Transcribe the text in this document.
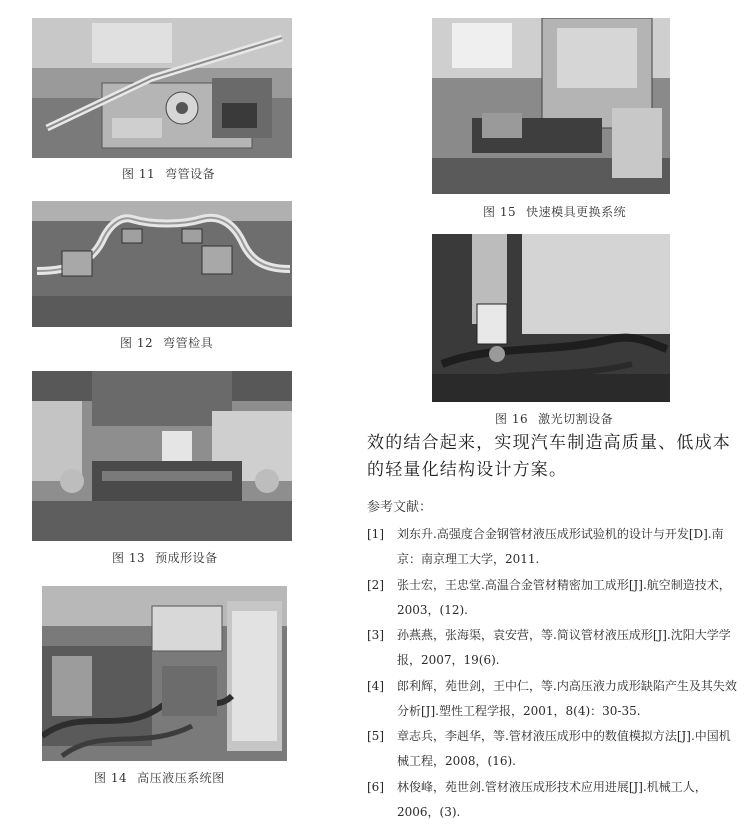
图 11 弯管设备
图 12 弯管检具
图 13 预成形设备
图 14 高压液压系统图
图 15 快速模具更换系统
图 16 激光切割设备

效的结合起来，实现汽车制造高质量、低成本的轻量化结构设计方案。

参考文献：

[1] 刘东升.高强度合金钢管材液压成形试验机的设计与开发[D].南京：南京理工大学，2011.
[2] 张士宏，王忠堂.高温合金管材精密加工成形[J].航空制造技术，2003，(12).
[3] 孙燕燕，张海渠，袁安营，等.简议管材液压成形[J].沈阳大学学报，2007，19(6).
[4] 郎利辉，苑世剑，王中仁，等.内高压液力成形缺陷产生及其失效分析[J].塑性工程学报，2001，8(4)：30-35.
[5] 章志兵，李赳华，等.管材液压成形中的数值模拟方法[J].中国机械工程，2008，(16).
[6] 林俊峰，苑世剑.管材液压成形技术应用进展[J].机械工人，2006，(3).
